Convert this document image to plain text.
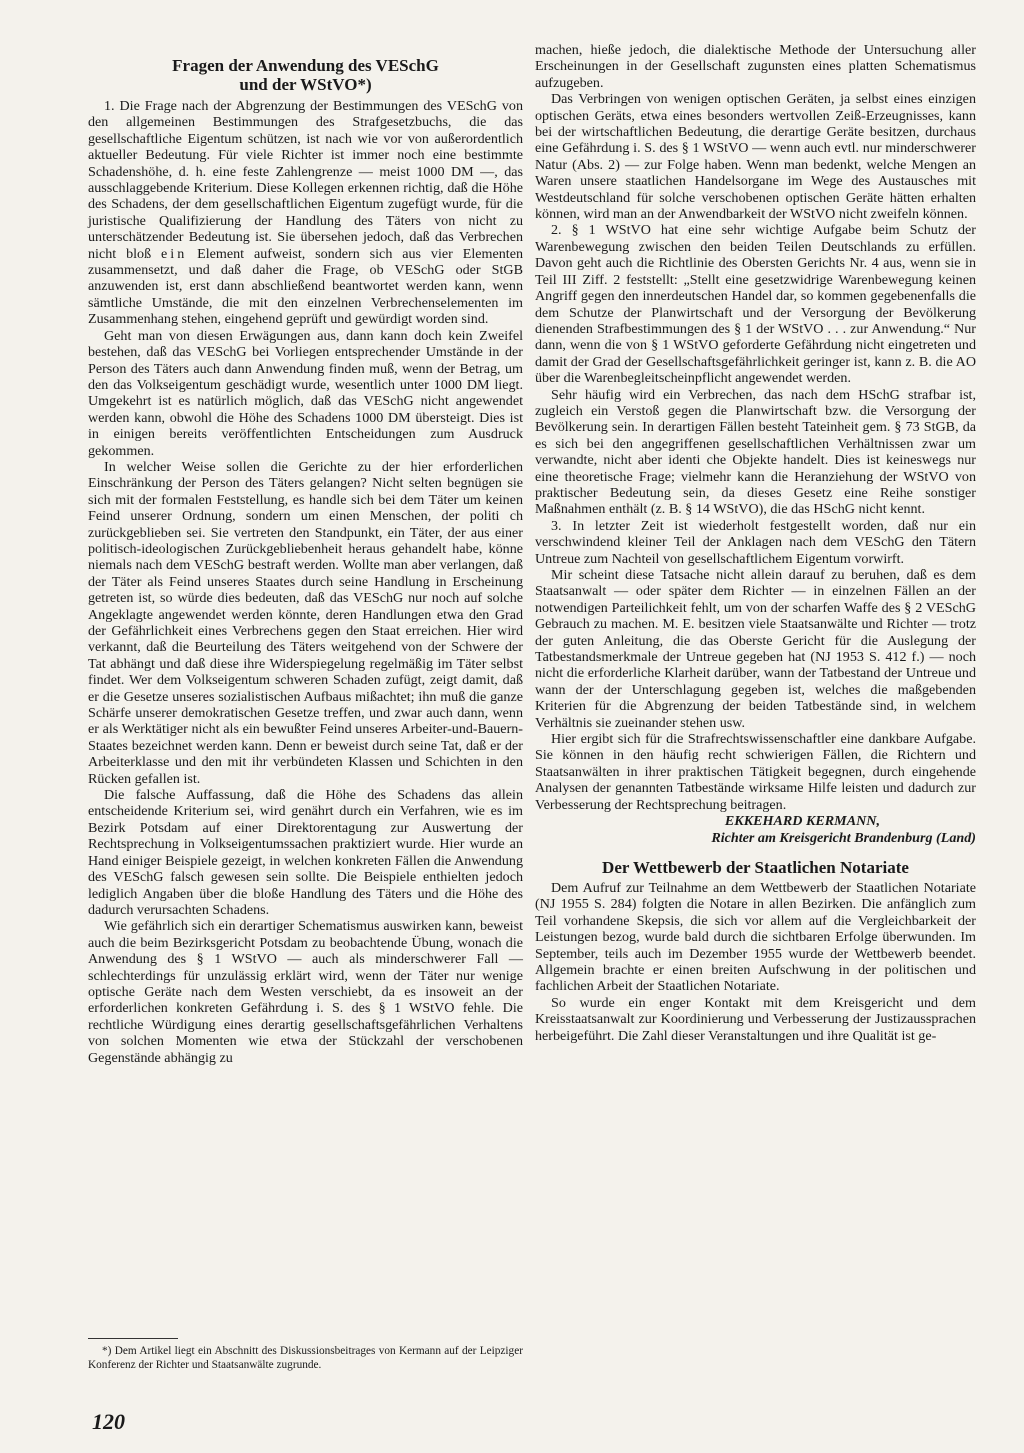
Fragen der Anwendung des VESchG
und der WStVO*)

1. Die Frage nach der Abgrenzung der Bestimmungen des VESchG von den allgemeinen Bestimmungen des Strafgesetzbuchs, die das gesellschaftliche Eigentum schützen, ist nach wie vor von außerordentlich aktueller Bedeutung. Für viele Richter ist immer noch eine bestimmte Schadenshöhe, d. h. eine feste Zahlengrenze — meist 1000 DM —, das ausschlaggebende Kriterium. Diese Kollegen erkennen richtig, daß die Höhe des Schadens, der dem gesellschaftlichen Eigentum zugefügt wurde, für die juristische Qualifizierung der Handlung des Täters von nicht zu unterschätzender Bedeutung ist. Sie übersehen jedoch, daß das Verbrechen nicht bloß ein Element aufweist, sondern sich aus vier Elementen zusammensetzt, und daß daher die Frage, ob VESchG oder StGB anzuwenden ist, erst dann abschließend beantwortet werden kann, wenn sämtliche Umstände, die mit den einzelnen Verbrechenselementen im Zusammenhang stehen, eingehend geprüft und gewürdigt worden sind.

Geht man von diesen Erwägungen aus, dann kann doch kein Zweifel bestehen, daß das VESchG bei Vorliegen entsprechender Umstände in der Person des Täters auch dann Anwendung finden muß, wenn der Betrag, um den das Volkseigentum geschädigt wurde, wesentlich unter 1000 DM liegt. Umgekehrt ist es natürlich möglich, daß das VESchG nicht angewendet werden kann, obwohl die Höhe des Schadens 1000 DM übersteigt. Dies ist in einigen bereits veröffentlichten Entscheidungen zum Ausdruck gekommen.

In welcher Weise sollen die Gerichte zu der hier erforderlichen Einschränkung der Person des Täters gelangen? Nicht selten begnügen sie sich mit der formalen Feststellung, es handle sich bei dem Täter um keinen Feind unserer Ordnung, sondern um einen Menschen, der politi ch zurückgeblieben sei. Sie vertreten den Standpunkt, ein Täter, der aus einer politisch-ideologischen Zurückgebliebenheit heraus gehandelt habe, könne niemals nach dem VESchG bestraft werden. Wollte man aber verlangen, daß der Täter als Feind unseres Staates durch seine Handlung in Erscheinung getreten ist, so würde dies bedeuten, daß das VESchG nur noch auf solche Angeklagte angewendet werden könnte, deren Handlungen etwa den Grad der Gefährlichkeit eines Verbrechens gegen den Staat erreichen. Hier wird verkannt, daß die Beurteilung des Täters weitgehend von der Schwere der Tat abhängt und daß diese ihre Widerspiegelung regelmäßig im Täter selbst findet. Wer dem Volkseigentum schweren Schaden zufügt, zeigt damit, daß er die Gesetze unseres sozialistischen Aufbaus mißachtet; ihn muß die ganze Schärfe unserer demokratischen Gesetze treffen, und zwar auch dann, wenn er als Werktätiger nicht als ein bewußter Feind unseres Arbeiter-und-Bauern-Staates bezeichnet werden kann. Denn er beweist durch seine Tat, daß er der Arbeiterklasse und den mit ihr verbündeten Klassen und Schichten in den Rücken gefallen ist.

Die falsche Auffassung, daß die Höhe des Schadens das allein entscheidende Kriterium sei, wird genährt durch ein Verfahren, wie es im Bezirk Potsdam auf einer Direktorentagung zur Auswertung der Rechtsprechung in Volkseigentumssachen praktiziert wurde. Hier wurde an Hand einiger Beispiele gezeigt, in welchen konkreten Fällen die Anwendung des VESchG falsch gewesen sein sollte. Die Beispiele enthielten jedoch lediglich Angaben über die bloße Handlung des Täters und die Höhe des dadurch verursachten Schadens.

Wie gefährlich sich ein derartiger Schematismus auswirken kann, beweist auch die beim Bezirksgericht Potsdam zu beobachtende Übung, wonach die Anwendung des § 1 WStVO — auch als minderschwerer Fall — schlechterdings für unzulässig erklärt wird, wenn der Täter nur wenige optische Geräte nach dem Westen verschiebt, da es insoweit an der erforderlichen konkreten Gefährdung i. S. des § 1 WStVO fehle. Die rechtliche Würdigung eines derartig gesellschaftsgefährlichen Verhaltens von solchen Momenten wie etwa der Stückzahl der verschobenen Gegenstände abhängig zu

machen, hieße jedoch, die dialektische Methode der Untersuchung aller Erscheinungen in der Gesellschaft zugunsten eines platten Schematismus aufzugeben.

Das Verbringen von wenigen optischen Geräten, ja selbst eines einzigen optischen Geräts, etwa eines besonders wertvollen Zeiß-Erzeugnisses, kann bei der wirtschaftlichen Bedeutung, die derartige Geräte besitzen, durchaus eine Gefährdung i. S. des § 1 WStVO — wenn auch evtl. nur minderschwerer Natur (Abs. 2) — zur Folge haben. Wenn man bedenkt, welche Mengen an Waren unsere staatlichen Handelsorgane im Wege des Austausches mit Westdeutschland für solche verschobenen optischen Geräte hätten erhalten können, wird man an der Anwendbarkeit der WStVO nicht zweifeln können.

2. § 1 WStVO hat eine sehr wichtige Aufgabe beim Schutz der Warenbewegung zwischen den beiden Teilen Deutschlands zu erfüllen. Davon geht auch die Richtlinie des Obersten Gerichts Nr. 4 aus, wenn sie in Teil III Ziff. 2 feststellt: „Stellt eine gesetzwidrige Warenbewegung keinen Angriff gegen den innerdeutschen Handel dar, so kommen gegebenenfalls die dem Schutze der Planwirtschaft und der Versorgung der Bevölkerung dienenden Strafbestimmungen des § 1 der WStVO . . . zur Anwendung.“ Nur dann, wenn die von § 1 WStVO geforderte Gefährdung nicht eingetreten und damit der Grad der Gesellschaftsgefährlichkeit geringer ist, kann z. B. die AO über die Warenbegleitscheinpflicht angewendet werden.

Sehr häufig wird ein Verbrechen, das nach dem HSchG strafbar ist, zugleich ein Verstoß gegen die Planwirtschaft bzw. die Versorgung der Bevölkerung sein. In derartigen Fällen besteht Tateinheit gem. § 73 StGB, da es sich bei den angegriffenen gesellschaftlichen Verhältnissen zwar um verwandte, nicht aber identi che Objekte handelt. Dies ist keineswegs nur eine theoretische Frage; vielmehr kann die Heranziehung der WStVO von praktischer Bedeutung sein, da dieses Gesetz eine Reihe sonstiger Maßnahmen enthält (z. B. § 14 WStVO), die das HSchG nicht kennt.

3. In letzter Zeit ist wiederholt festgestellt worden, daß nur ein verschwindend kleiner Teil der Anklagen nach dem VESchG den Tätern Untreue zum Nachteil von gesellschaftlichem Eigentum vorwirft.

Mir scheint diese Tatsache nicht allein darauf zu beruhen, daß es dem Staatsanwalt — oder später dem Richter — in einzelnen Fällen an der notwendigen Parteilichkeit fehlt, um von der scharfen Waffe des § 2 VESchG Gebrauch zu machen. M. E. besitzen viele Staatsanwälte und Richter — trotz der guten Anleitung, die das Oberste Gericht für die Auslegung der Tatbestandsmerkmale der Untreue gegeben hat (NJ 1953 S. 412 f.) — noch nicht die erforderliche Klarheit darüber, wann der Tatbestand der Untreue und wann der der Unterschlagung gegeben ist, welches die maßgebenden Kriterien für die Abgrenzung der beiden Tatbestände sind, in welchem Verhältnis sie zueinander stehen usw.

Hier ergibt sich für die Strafrechtswissenschaftler eine dankbare Aufgabe. Sie können in den häufig recht schwierigen Fällen, die Richtern und Staatsanwälten in ihrer praktischen Tätigkeit begegnen, durch eingehende Analysen der genannten Tatbestände wirksame Hilfe leisten und dadurch zur Verbesserung der Rechtsprechung beitragen.

EKKEHARD KERMANN,
Richter am Kreisgericht Brandenburg (Land)

Der Wettbewerb der Staatlichen Notariate

Dem Aufruf zur Teilnahme an dem Wettbewerb der Staatlichen Notariate (NJ 1955 S. 284) folgten die Notare in allen Bezirken. Die anfänglich zum Teil vorhandene Skepsis, die sich vor allem auf die Vergleichbarkeit der Leistungen bezog, wurde bald durch die sichtbaren Erfolge überwunden. Im September, teils auch im Dezember 1955 wurde der Wettbewerb beendet. Allgemein brachte er einen breiten Aufschwung in der politischen und fachlichen Arbeit der Staatlichen Notariate.

So wurde ein enger Kontakt mit dem Kreisgericht und dem Kreisstaatsanwalt zur Koordinierung und Verbesserung der Justizaussprachen herbeigeführt. Die Zahl dieser Veranstaltungen und ihre Qualität ist ge-

*) Dem Artikel liegt ein Abschnitt des Diskussionsbeitrages von Kermann auf der Leipziger Konferenz der Richter und Staatsanwälte zugrunde.

120
